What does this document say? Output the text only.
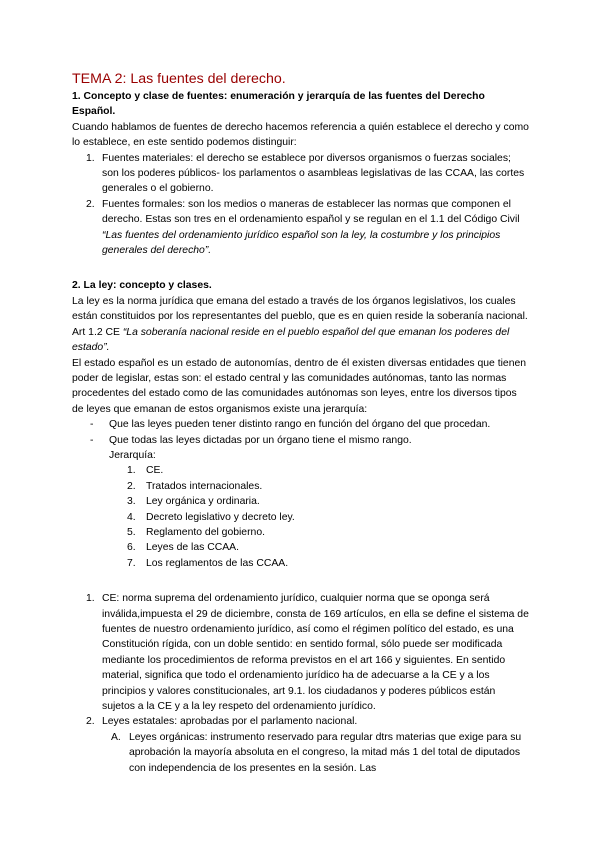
TEMA 2: Las fuentes del derecho.

1. Concepto y clase de fuentes: enumeración y jerarquía de las fuentes del Derecho Español.

Cuando hablamos de fuentes de derecho hacemos referencia a quién establece el derecho y como lo establece, en este sentido podemos distinguir:

1. Fuentes materiales: el derecho se establece por diversos organismos o fuerzas sociales; son los poderes públicos- los parlamentos o asambleas legislativas de las CCAA, las cortes generales o el gobierno.
2. Fuentes formales: son los medios o maneras de establecer las normas que componen el derecho. Estas son tres en el ordenamiento español y se regulan en el 1.1 del Código Civil “Las fuentes del ordenamiento jurídico español son la ley, la costumbre y los principios generales del derecho”.

2. La ley: concepto y clases.

La ley es la norma jurídica que emana del estado a través de los órganos legislativos, los cuales están constituidos por los representantes del pueblo, que es en quien reside la soberanía nacional. Art 1.2 CE “La soberanía nacional reside en el pueblo español del que emanan los poderes del estado”.

El estado español es un estado de autonomías, dentro de él existen diversas entidades que tienen poder de legislar, estas son: el estado central y las comunidades autónomas, tanto las normas procedentes del estado como de las comunidades autónomas son leyes, entre los diversos tipos de leyes que emanan de estos organismos existe una jerarquía:

- Que las leyes pueden tener distinto rango en función del órgano del que procedan.
- Que todas las leyes dictadas por un órgano tiene el mismo rango.
Jerarquía:
1. CE.
2. Tratados internacionales.
3. Ley orgánica y ordinaria.
4. Decreto legislativo y decreto ley.
5. Reglamento del gobierno.
6. Leyes de las CCAA.
7. Los reglamentos de las CCAA.
1. CE: norma suprema del ordenamiento jurídico, cualquier norma que se oponga será inválida,impuesta el 29 de diciembre, consta de 169 artículos, en ella se define el sistema de fuentes de nuestro ordenamiento jurídico, así como el régimen político del estado, es una Constitución rígida, con un doble sentido: en sentido formal, sólo puede ser modificada mediante los procedimientos de reforma previstos en el art 166 y siguientes. En sentido material, significa que todo el ordenamiento jurídico ha de adecuarse a la CE y a los principios y valores constitucionales, art 9.1. los ciudadanos y poderes públicos están sujetos a la CE y a la ley respeto del ordenamiento jurídico.
2. Leyes estatales: aprobadas por el parlamento nacional.
A. Leyes orgánicas: instrumento reservado para regular dtrs materias que exige para su aprobación la mayoría absoluta en el congreso, la mitad más 1 del total de diputados con independencia de los presentes en la sesión. Las
